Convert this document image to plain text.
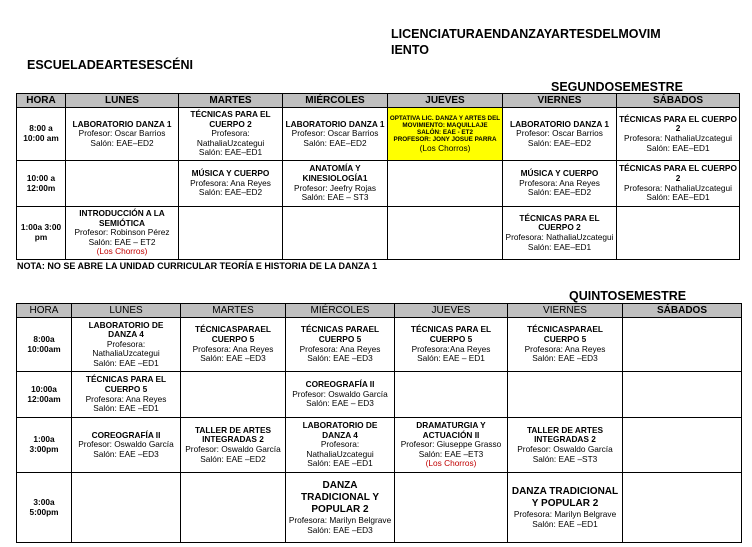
LICENCIATURAENDANZAYARTESDELMOVIM
IENTO
ESCUELADEARTESESCÉNI
SEGUNDOSEMESTRE
HORA	LUNES	MARTES	MIÉRCOLES	JUEVES	VIERNES	SÁBADOS
8:00 a 10:00 am	LABORATORIO DANZA 1
Profesor: Oscar Barrios
Salón: EAE–ED2	TÉCNICAS PARA EL CUERPO 2
Profesora: NathaliaUzcategui
Salón: EAE–ED1	LABORATORIO DANZA 1
Profesor: Oscar Barrios
Salón: EAE–ED2	OPTATIVA LIC. DANZA Y ARTES DEL MOVIMIENTO: MAQUILLAJE
SALÓN: EAE - ET2
PROFESOR: JONY JOSUE PARRA
(Los Chorros)	LABORATORIO DANZA 1
Profesor: Oscar Barrios
Salón: EAE–ED2	TÉCNICAS PARA EL CUERPO 2
Profesora: NathaliaUzcategui
Salón: EAE–ED1

10:00 a 12:00m		MÚSICA Y CUERPO
Profesora: Ana Reyes
Salón: EAE–ED2	ANATOMÍA Y KINESIOLOGÍA1
Profesor: Jeefry Rojas
Salón: EAE – ST3		MÚSICA Y CUERPO
Profesora: Ana Reyes
Salón: EAE–ED2	TÉCNICAS PARA EL CUERPO 2
Profesora: NathaliaUzcategui
Salón: EAE–ED1

1:00a 3:00 pm	INTRODUCCIÓN A LA SEMIÓTICA
Profesor: Robinson Pérez
Salón: EAE – ET2
(Los Chorros)				TÉCNICAS PARA EL CUERPO 2
Profesora: NathaliaUzcategui
Salón: EAE–ED1	

NOTA: NO SE ABRE LA UNIDAD CURRICULAR TEORÍA E HISTORIA DE LA DANZA 1
QUINTOSEMESTRE
HORA	LUNES	MARTES	MIÉRCOLES	JUEVES	VIERNES	SÁBADOS
8:00a 10:00am	LABORATORIO DE DANZA 4
Profesora: NathaliaUzcategui
Salón: EAE –ED1	TÉCNICASPARAEL CUERPO 5
Profesora: Ana Reyes
Salón: EAE –ED3	TÉCNICAS PARAEL CUERPO 5
Profesora: Ana Reyes
Salón: EAE –ED3	TÉCNICAS PARA EL CUERPO 5
Profesora:Ana Reyes
Salón: EAE – ED1	TÉCNICASPARAEL CUERPO 5
Profesora: Ana Reyes
Salón: EAE –ED3	

10:00a 12:00am	TÉCNICAS PARA EL CUERPO 5
Profesora: Ana Reyes
Salón: EAE –ED1		COREOGRAFÍA II
Profesor: Oswaldo García
Salón: EAE – ED3			

1:00a 3:00pm	COREOGRAFÍA II
Profesor: Oswaldo García
Salón: EAE –ED3	TALLER DE ARTES INTEGRADAS 2
Profesor: Oswaldo García
Salón: EAE –ED2	LABORATORIO DE DANZA 4
Profesora: NathaliaUzcategui
Salón: EAE –ED1	DRAMATURGIA Y ACTUACIÓN II
Profesor: Giuseppe Grasso
Salón: EAE –ET3
(Los Chorros)	TALLER DE ARTES INTEGRADAS 2
Profesor: Oswaldo García
Salón: EAE –ST3	

3:00a 5:00pm			DANZA TRADICIONAL Y POPULAR 2
Profesora: Marilyn Belgrave
Salón: EAE –ED3		DANZA TRADICIONAL Y POPULAR 2
Profesora: Marilyn Belgrave
Salón: EAE –ED1	
